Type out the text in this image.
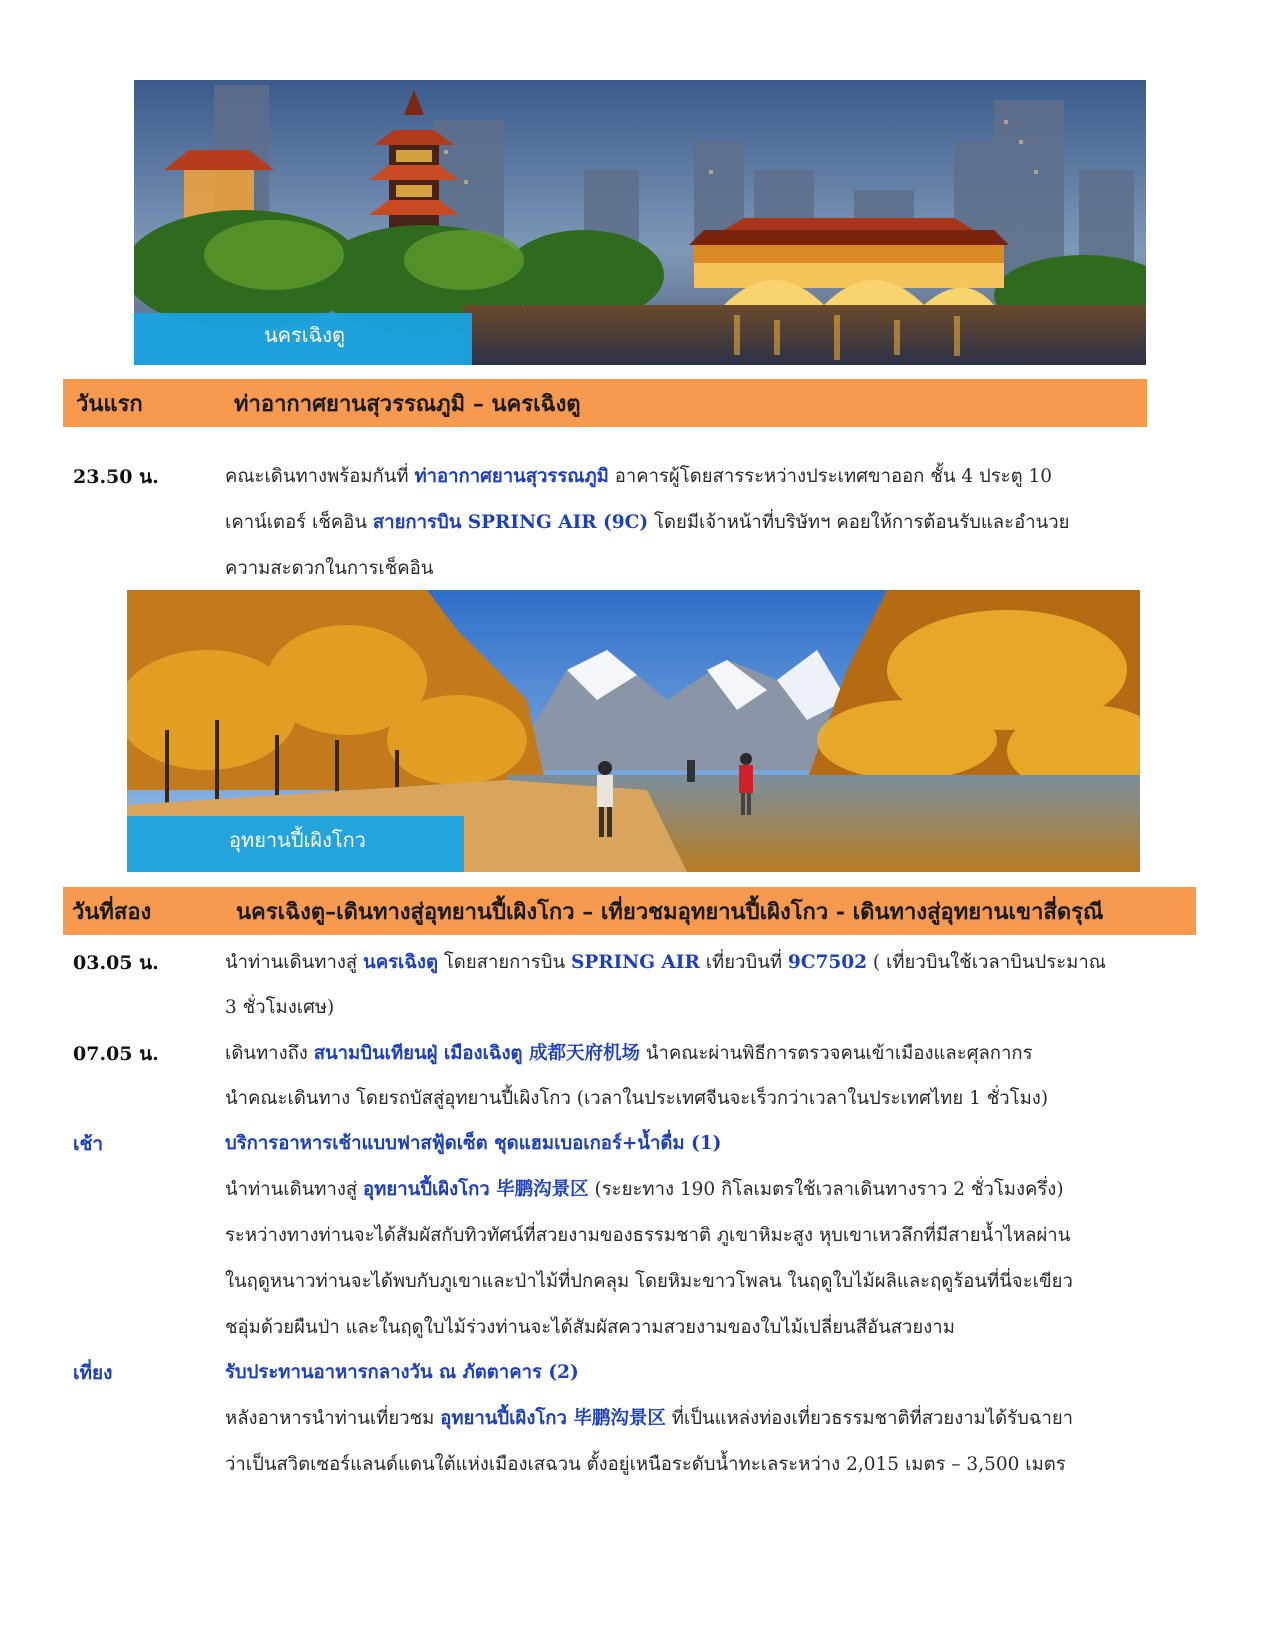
นครเฉิงตู
วันแรก	ท่าอากาศยานสุวรรณภูมิ – นครเฉิงตู
23.50 น.	คณะเดินทางพร้อมกันที่ ท่าอากาศยานสุวรรณภูมิ อาคารผู้โดยสารระหว่างประเทศขาออก ชั้น 4 ประตู 10
เคาน์เตอร์ เช็คอิน สายการบิน SPRING AIR (9C) โดยมีเจ้าหน้าที่บริษัทฯ คอยให้การต้อนรับและอำนวย
ความสะดวกในการเช็คอิน
อุทยานปี้เผิงโกว
วันที่สอง	นครเฉิงตู–เดินทางสู่อุทยานปี้เผิงโกว – เที่ยวชมอุทยานปี้เผิงโกว - เดินทางสู่อุทยานเขาสี่ดรุณี
03.05 น.	นำท่านเดินทางสู่ นครเฉิงตู โดยสายการบิน SPRING AIR เที่ยวบินที่ 9C7502 ( เที่ยวบินใช้เวลาบินประมาณ
3 ชั่วโมงเศษ)
07.05 น.	เดินทางถึง สนามบินเทียนฝู่ เมืองเฉิงตู 成都天府机场 นำคณะผ่านพิธีการตรวจคนเข้าเมืองและศุลกากร
นำคณะเดินทาง โดยรถบัสสู่อุทยานปี้เผิงโกว (เวลาในประเทศจีนจะเร็วกว่าเวลาในประเทศไทย 1 ชั่วโมง)
เช้า	บริการอาหารเช้าแบบฟาสฟู้ดเซ็ต ชุดแฮมเบอเกอร์+น้ำดื่ม (1)
นำท่านเดินทางสู่ อุทยานปี้เผิงโกว 毕鹏沟景区 (ระยะทาง 190 กิโลเมตรใช้เวลาเดินทางราว 2 ชั่วโมงครึ่ง)
ระหว่างทางท่านจะได้สัมผัสกับทิวทัศน์ที่สวยงามของธรรมชาติ ภูเขาหิมะสูง หุบเขาเหวลึกที่มีสายน้ำไหลผ่าน
ในฤดูหนาวท่านจะได้พบกับภูเขาและป่าไม้ที่ปกคลุม โดยหิมะขาวโพลน ในฤดูใบไม้ผลิและฤดูร้อนที่นี่จะเขียว
ชอุ่มด้วยผืนป่า และในฤดูใบไม้ร่วงท่านจะได้สัมผัสความสวยงามของใบไม้เปลี่ยนสีอันสวยงาม
เที่ยง	รับประทานอาหารกลางวัน ณ ภัตตาคาร (2)
หลังอาหารนำท่านเที่ยวชม อุทยานปี้เผิงโกว 毕鹏沟景区 ที่เป็นแหล่งท่องเที่ยวธรรมชาติที่สวยงามได้รับฉายา
ว่าเป็นสวิตเซอร์แลนด์แดนใต้แห่งเมืองเสฉวน ตั้งอยู่เหนือระดับน้ำทะเลระหว่าง 2,015 เมตร – 3,500 เมตร
